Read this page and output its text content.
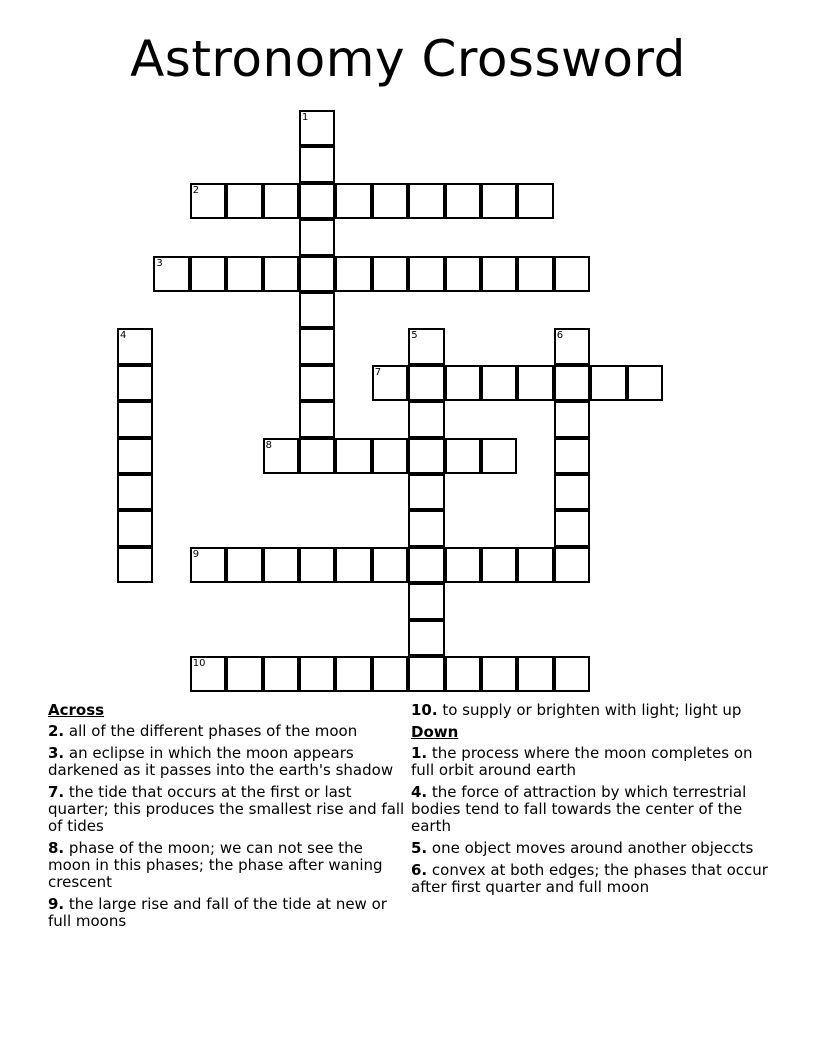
Astronomy Crossword
1
2
3
4	5	6
7
8
9
10
Across
2. all of the different phases of the moon
3. an eclipse in which the moon appears darkened as it passes into the earth's shadow
7. the tide that occurs at the first or last quarter; this produces the smallest rise and fall of tides
8. phase of the moon; we can not see the moon in this phases; the phase after waning crescent
9. the large rise and fall of the tide at new or full moons
10. to supply or brighten with light; light up
Down
1. the process where the moon completes on full orbit around earth
4. the force of attraction by which terrestrial bodies tend to fall towards the center of the earth
5. one object moves around another objeccts
6. convex at both edges; the phases that occur after first quarter and full moon
